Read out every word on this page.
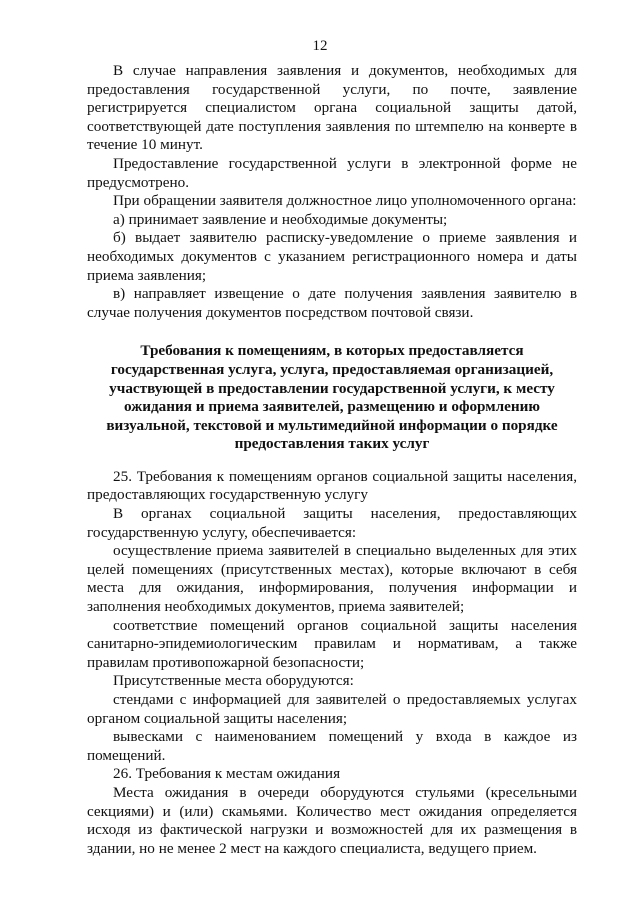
12

В случае направления заявления и документов, необходимых для предоставления государственной услуги, по почте, заявление регистрируется специалистом органа социальной защиты датой, соответствующей дате поступления заявления по штемпелю на конверте в течение 10 минут.

Предоставление государственной услуги в электронной форме не предусмотрено.

При обращении заявителя должностное лицо уполномоченного органа:

а) принимает заявление и необходимые документы;

б) выдает заявителю расписку-уведомление о приеме заявления и необходимых документов с указанием регистрационного номера и даты приема заявления;

в) направляет извещение о дате получения заявления заявителю в случае получения документов посредством почтовой связи.

Требования к помещениям, в которых предоставляется государственная услуга, услуга, предоставляемая организацией, участвующей в предоставлении государственной услуги, к месту ожидания и приема заявителей, размещению и оформлению визуальной, текстовой и мультимедийной информации о порядке предоставления таких услуг

25. Требования к помещениям органов социальной защиты населения, предоставляющих государственную услугу

В органах социальной защиты населения, предоставляющих государственную услугу, обеспечивается:

осуществление приема заявителей в специально выделенных для этих целей помещениях (присутственных местах), которые включают в себя места для ожидания, информирования, получения информации и заполнения необходимых документов, приема заявителей;

соответствие помещений органов социальной защиты населения санитарно-эпидемиологическим правилам и нормативам, а также правилам противопожарной безопасности;

Присутственные места оборудуются:

стендами с информацией для заявителей о предоставляемых услугах органом социальной защиты населения;

вывесками с наименованием помещений у входа в каждое из помещений.

26. Требования к местам ожидания

Места ожидания в очереди оборудуются стульями (кресельными секциями) и (или) скамьями. Количество мест ожидания определяется исходя из фактической нагрузки и возможностей для их размещения в здании, но не менее 2 мест на каждого специалиста, ведущего прием.
